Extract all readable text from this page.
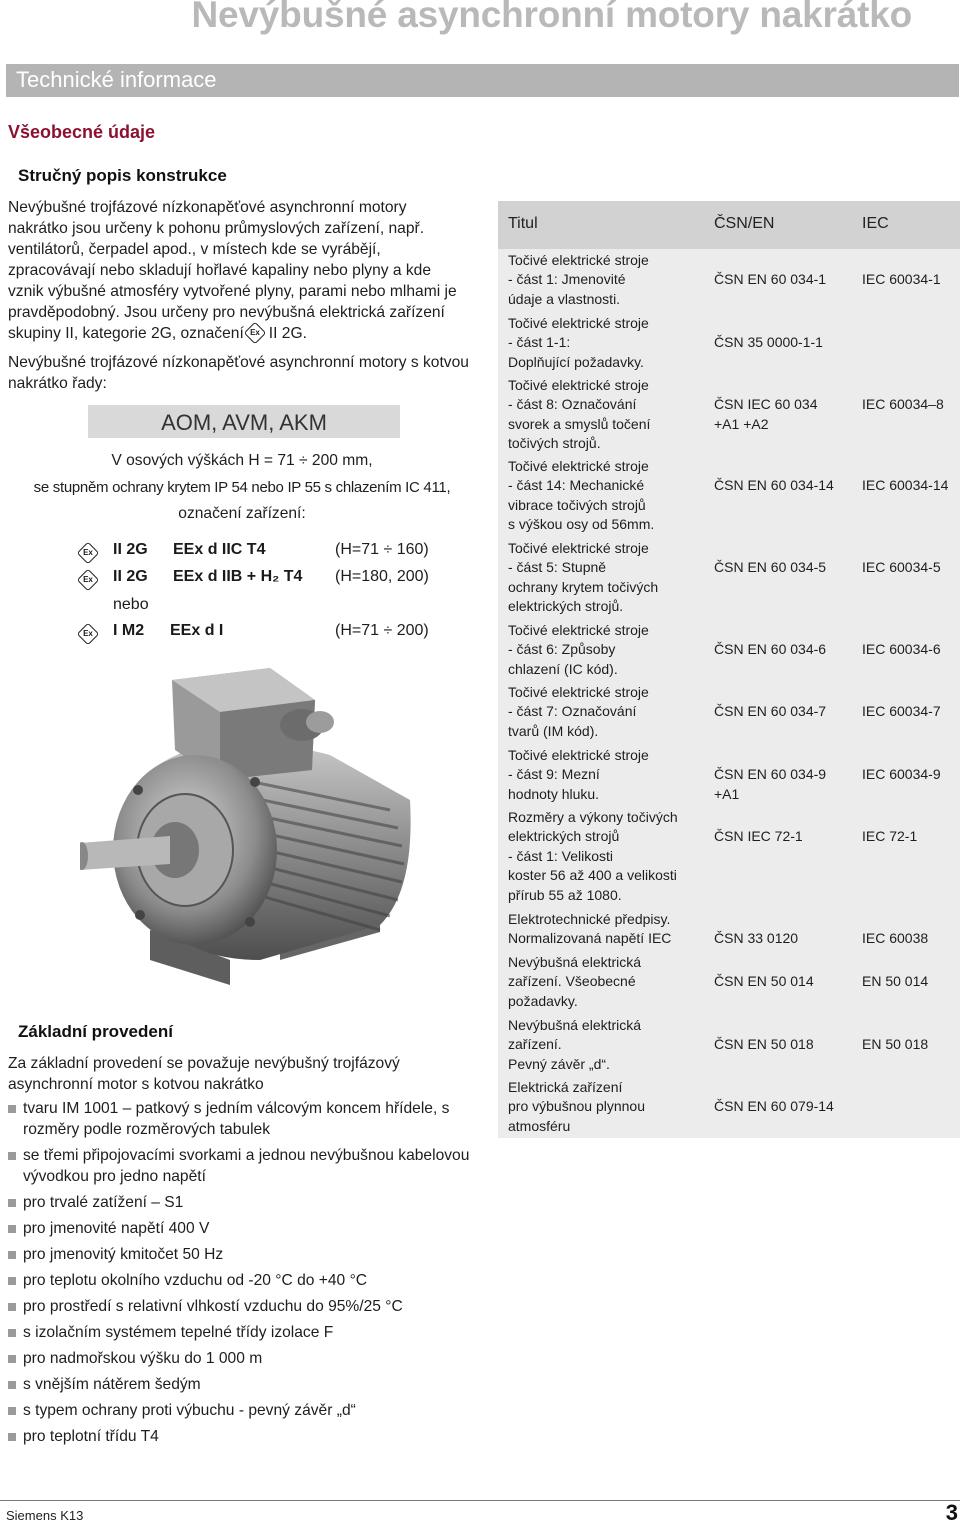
Nevýbušné asynchronní motory nakrátko
Technické informace
Všeobecné údaje
Stručný popis konstrukce
Nevýbušné trojfázové nízkonapěťové asynchronní motory nakrátko jsou určeny k pohonu průmyslových zařízení, např. ventilátorů, čerpadel apod., v místech kde se vyrábějí, zpracovávají nebo skladují hořlavé kapaliny nebo plyny a kde vznik výbušné atmosféry vytvořené plyny, parami nebo mlhami je pravděpodobný. Jsou určeny pro nevýbušná elektrická zařízení skupiny II, kategorie 2G, označeníEx II 2G.
Nevýbušné trojfázové nízkonapěťové asynchronní motory s kotvou nakrátko řady:
AOM, AVM, AKM
V osových výškách H = 71 ÷ 200 mm,
se stupněm ochrany krytem IP 54 nebo IP 55 s chlazením IC 411,
označení zařízení:
Ex
II 2G EEx d IIC T4	(H=71 ÷ 160)
Ex
II 2G EEx d IIB + H₂ T4 (H=180, 200)
nebo
Ex
I M2 EEx d I	(H=71 ÷ 200)
Základní provedení
Za základní provedení se považuje nevýbušný trojfázový asynchronní motor s kotvou nakrátko
tvaru IM 1001 – patkový s jedním válcovým koncem hřídele, s rozměry podle rozměrových tabulek
se třemi připojovacími svorkami a jednou nevýbušnou kabelovou vývodkou pro jedno napětí
pro trvalé zatížení – S1
pro jmenovité napětí 400 V
pro jmenovitý kmitočet 50 Hz
pro teplotu okolního vzduchu od -20 °C do +40 °C
pro prostředí s relativní vlhkostí vzduchu do 95%/25 °C
s izolačním systémem tepelné třídy izolace F
pro nadmořskou výšku do 1 000 m
s vnějším nátěrem šedým
s typem ochrany proti výbuchu - pevný závěr „d“
pro teplotní třídu T4
Titul	ČSN/EN	IEC
Točivé elektrické stroje
- část 1: Jmenovité
údaje a vlastnosti.
ČSN EN 60 034-1	IEC 60034-1
Točivé elektrické stroje
- část 1-1:
Doplňující požadavky.
ČSN 35 0000-1-1
Točivé elektrické stroje
- část 8: Označování
svorek a smyslů točení
točivých strojů.
ČSN IEC 60 034
+A1 +A2
IEC 60034–8
Točivé elektrické stroje
- část 14: Mechanické
vibrace točivých strojů
s výškou osy od 56mm.
ČSN EN 60 034-14	IEC 60034-14
Točivé elektrické stroje
- část 5: Stupně
ochrany krytem točivých
elektrických strojů.
ČSN EN 60 034-5	IEC 60034-5
Točivé elektrické stroje
- část 6: Způsoby
chlazení (IC kód).
ČSN EN 60 034-6	IEC 60034-6
Točivé elektrické stroje
- část 7: Označování
tvarů (IM kód).
ČSN EN 60 034-7	IEC 60034-7
Točivé elektrické stroje
- část 9: Mezní
hodnoty hluku.
ČSN EN 60 034-9
+A1
IEC 60034-9
Rozměry a výkony točivých
elektrických strojů
- část 1: Velikosti
koster 56 až 400 a velikosti
přírub 55 až 1080.
ČSN IEC 72-1	IEC 72-1
Elektrotechnické předpisy.
Normalizovaná napětí IEC	ČSN 33 0120	IEC 60038
Nevýbušná elektrická
zařízení. Všeobecné
požadavky.
ČSN EN 50 014	EN 50 014
Nevýbušná elektrická
zařízení.
Pevný závěr „d“.
ČSN EN 50 018	EN 50 018
Elektrická zařízení
pro výbušnou plynnou
atmosféru
ČSN EN 60 079-14
Siemens K13	3
